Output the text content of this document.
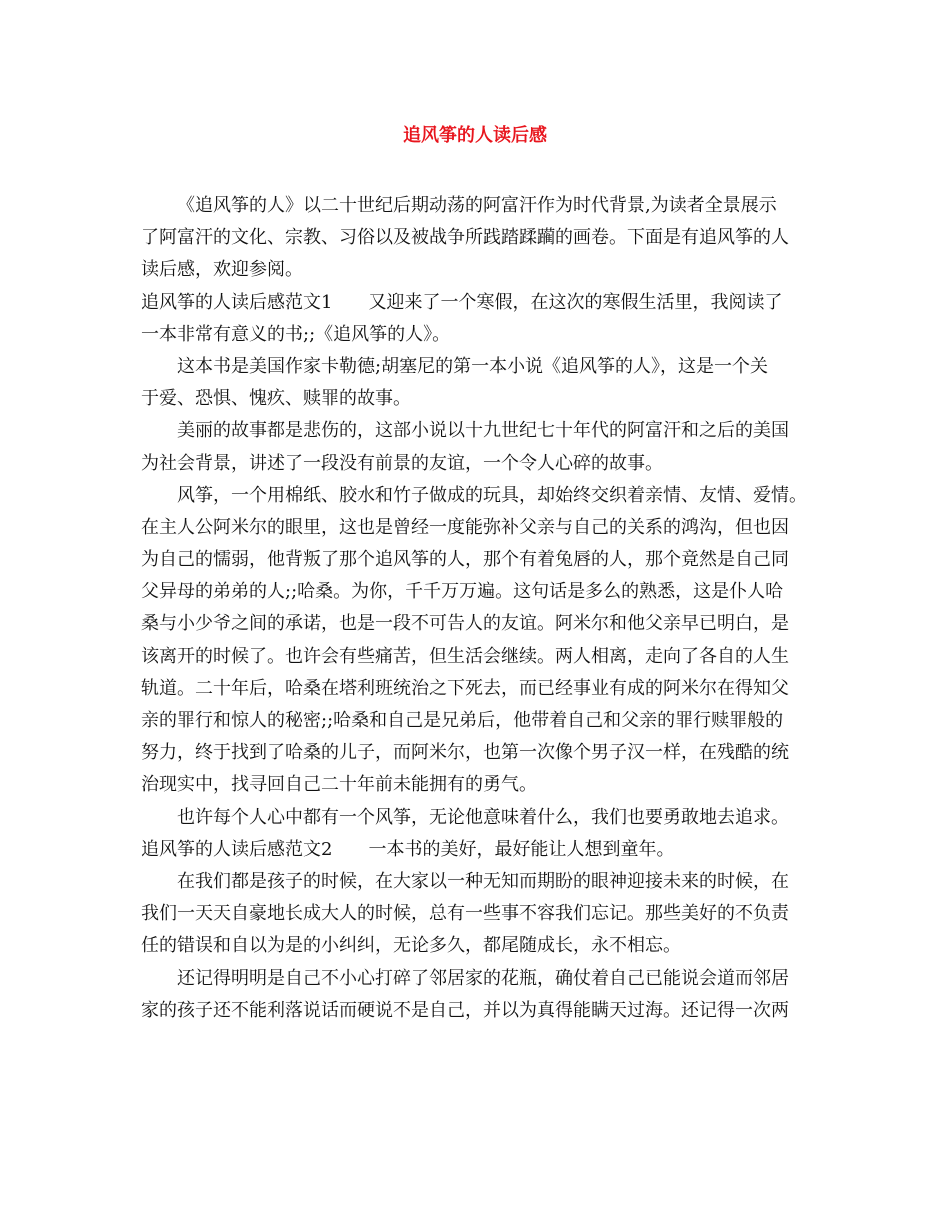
追风筝的人读后感
《追风筝的人》以二十世纪后期动荡的阿富汗作为时代背景,为读者全景展示
了阿富汗的文化、宗教、习俗以及被战争所践踏蹂躏的画卷。下面是有追风筝的人
读后感，欢迎参阅。
追风筝的人读后感范文1 又迎来了一个寒假，在这次的寒假生活里，我阅读了
一本非常有意义的书;;《追风筝的人》。
这本书是美国作家卡勒德;胡塞尼的第一本小说《追风筝的人》，这是一个关
于爱、恐惧、愧疚、赎罪的故事。
美丽的故事都是悲伤的，这部小说以十九世纪七十年代的阿富汗和之后的美国
为社会背景，讲述了一段没有前景的友谊，一个令人心碎的故事。
风筝，一个用棉纸、胶水和竹子做成的玩具，却始终交织着亲情、友情、爱情。
在主人公阿米尔的眼里，这也是曾经一度能弥补父亲与自己的关系的鸿沟，但也因
为自己的懦弱，他背叛了那个追风筝的人，那个有着兔唇的人，那个竟然是自己同
父异母的弟弟的人;;哈桑。为你，千千万万遍。这句话是多么的熟悉，这是仆人哈
桑与小少爷之间的承诺，也是一段不可告人的友谊。阿米尔和他父亲早已明白，是
该离开的时候了。也许会有些痛苦，但生活会继续。两人相离，走向了各自的人生
轨道。二十年后，哈桑在塔利班统治之下死去，而已经事业有成的阿米尔在得知父
亲的罪行和惊人的秘密;;哈桑和自己是兄弟后，他带着自己和父亲的罪行赎罪般的
努力，终于找到了哈桑的儿子，而阿米尔，也第一次像个男子汉一样，在残酷的统
治现实中，找寻回自己二十年前未能拥有的勇气。
也许每个人心中都有一个风筝，无论他意味着什么，我们也要勇敢地去追求。
追风筝的人读后感范文2 一本书的美好，最好能让人想到童年。
在我们都是孩子的时候，在大家以一种无知而期盼的眼神迎接未来的时候，在
我们一天天自豪地长成大人的时候，总有一些事不容我们忘记。那些美好的不负责
任的错误和自以为是的小纠纠，无论多久，都尾随成长，永不相忘。
还记得明明是自己不小心打碎了邻居家的花瓶，确仗着自己已能说会道而邻居
家的孩子还不能利落说话而硬说不是自己，并以为真得能瞒天过海。还记得一次两
